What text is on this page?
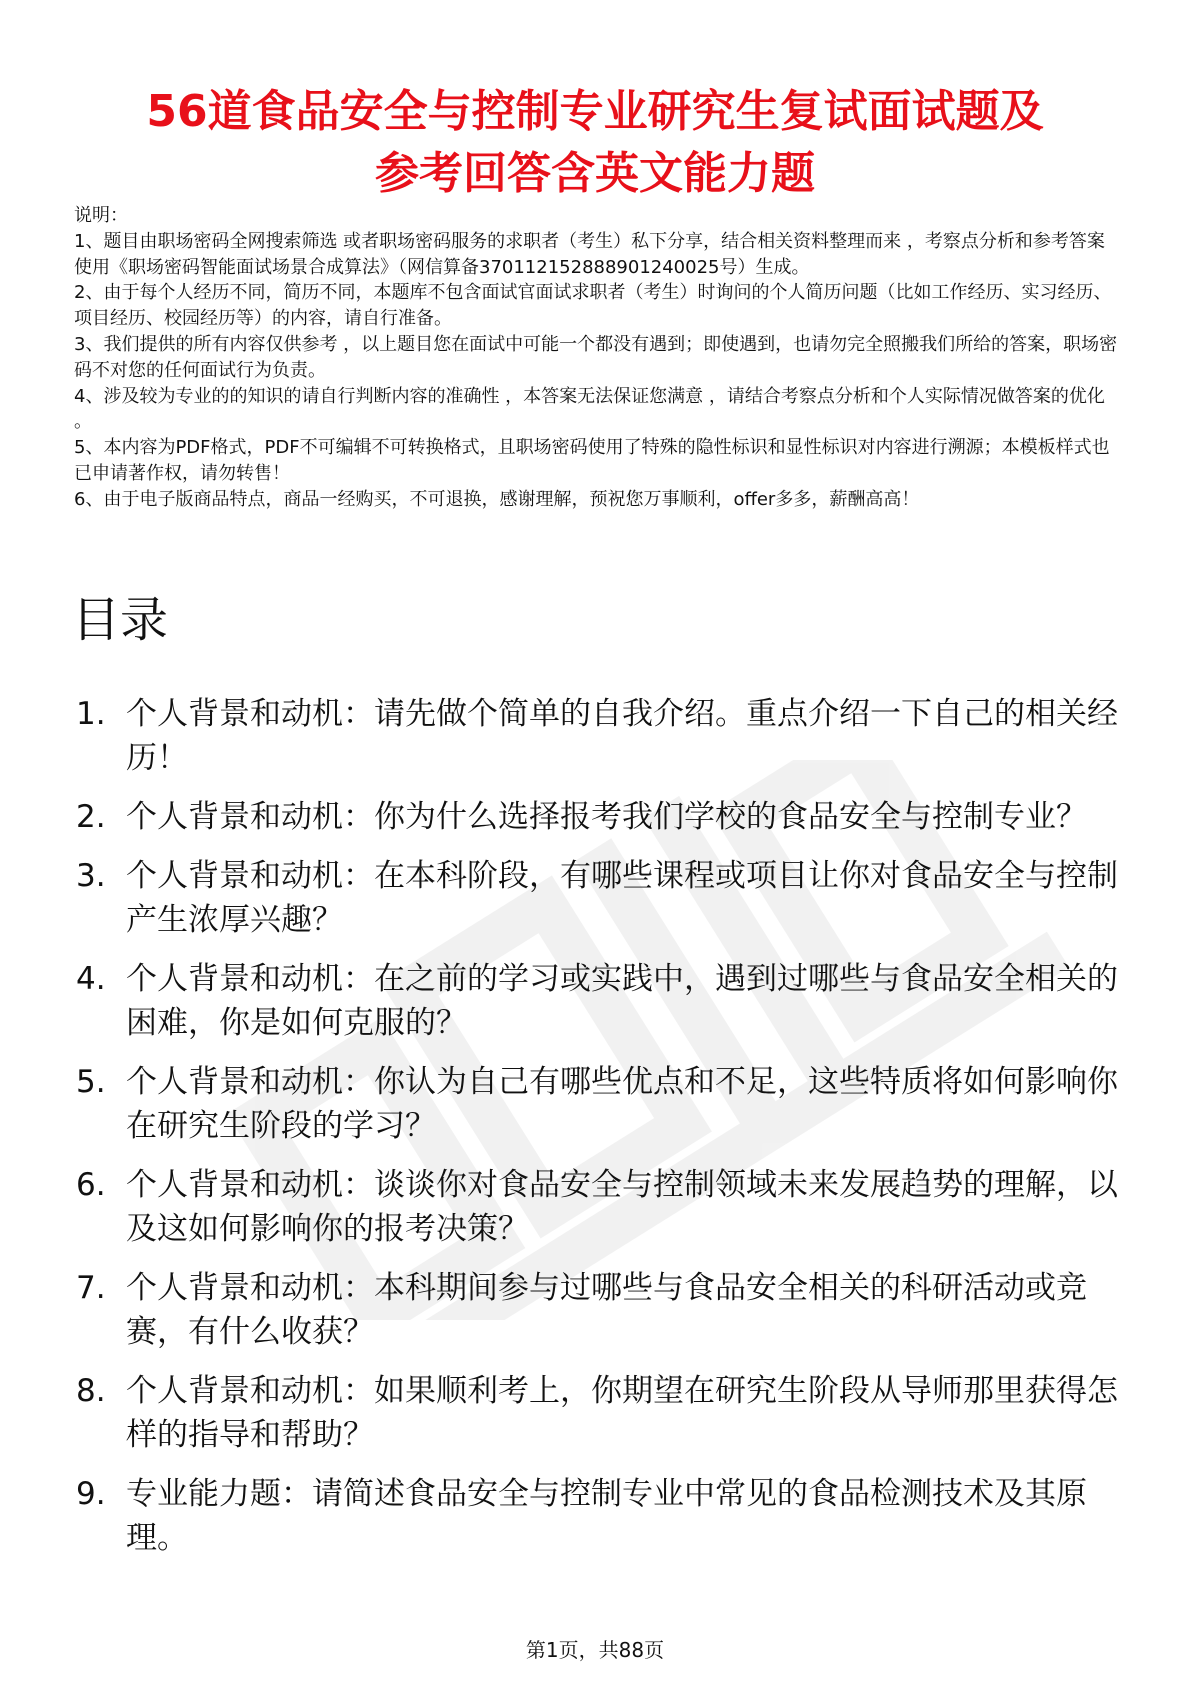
56道食品安全与控制专业研究生复试面试题及
参考回答含英文能力题

说明：

1、题目由职场密码全网搜索筛选 或者职场密码服务的求职者（考生）私下分享，结合相关资料整理而来 ，考察点分析和参考答案使用《职场密码智能面试场景合成算法》（网信算备370112152888901240025号）生成。

2、由于每个人经历不同，简历不同，本题库不包含面试官面试求职者（考生）时询问的个人简历问题（比如工作经历、实习经历、项目经历、校园经历等）的内容，请自行准备。

3、我们提供的所有内容仅供参考 ，以上题目您在面试中可能一个都没有遇到；即使遇到，也请勿完全照搬我们所给的答案，职场密码不对您的任何面试行为负责。

4、涉及较为专业的的知识的请自行判断内容的准确性 ，本答案无法保证您满意 ，请结合考察点分析和个人实际情况做答案的优化 。

5、本内容为PDF格式，PDF不可编辑不可转换格式，且职场密码使用了特殊的隐性标识和显性标识对内容进行溯源；本模板样式也已申请著作权，请勿转售！

6、由于电子版商品特点，商品一经购买，不可退换，感谢理解，预祝您万事顺利，offer多多，薪酬高高！

目录
1. 个人背景和动机：请先做个简单的自我介绍。重点介绍一下自己的相关经历！
2. 个人背景和动机：你为什么选择报考我们学校的食品安全与控制专业？
3. 个人背景和动机：在本科阶段，有哪些课程或项目让你对食品安全与控制产生浓厚兴趣？
4. 个人背景和动机：在之前的学习或实践中，遇到过哪些与食品安全相关的困难，你是如何克服的？
5. 个人背景和动机：你认为自己有哪些优点和不足，这些特质将如何影响你在研究生阶段的学习？
6. 个人背景和动机：谈谈你对食品安全与控制领域未来发展趋势的理解，以及这如何影响你的报考决策？
7. 个人背景和动机：本科期间参与过哪些与食品安全相关的科研活动或竞赛，有什么收获？
8. 个人背景和动机：如果顺利考上，你期望在研究生阶段从导师那里获得怎样的指导和帮助？
9. 专业能力题：请简述食品安全与控制专业中常见的食品检测技术及其原理。
第1页，共88页
